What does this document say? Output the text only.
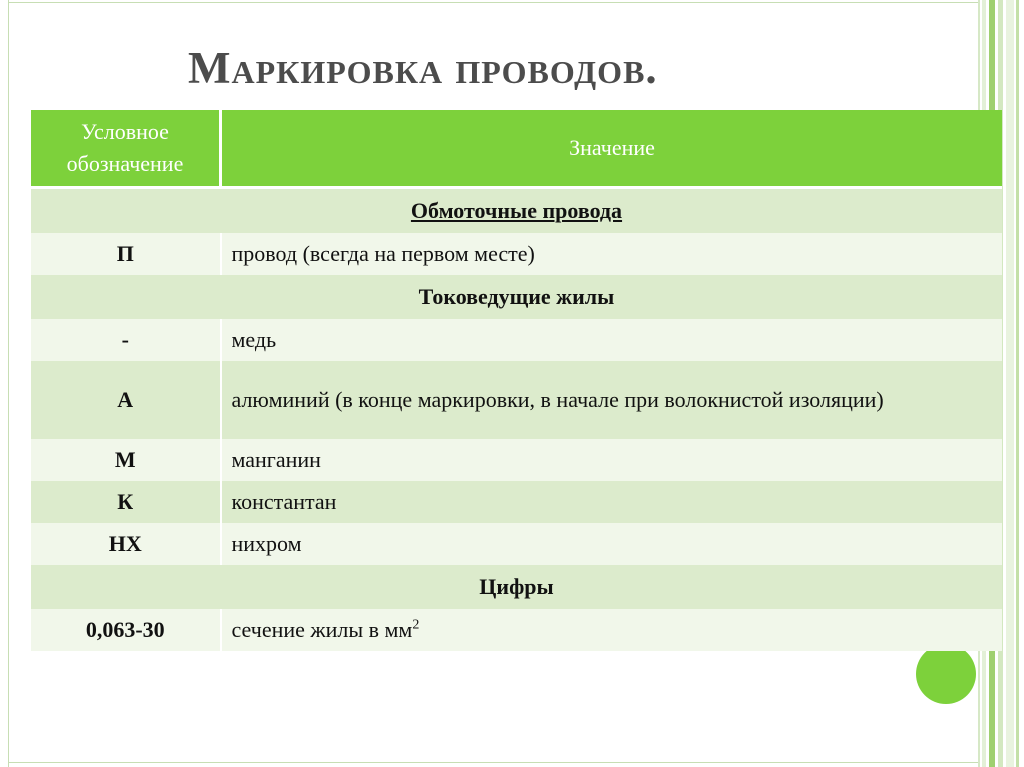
Маркировка проводов.
Условное обозначение	Значение
Обмоточные провода	
П	провод (всегда на первом месте)
Токоведущие жилы	
-	медь
А	алюминий (в конце маркировки, в начале при волокнистой изоляции)
М	манганин
К	константан
НХ	нихром
Цифры	
0,063-30	сечение жилы в $мм^2$
